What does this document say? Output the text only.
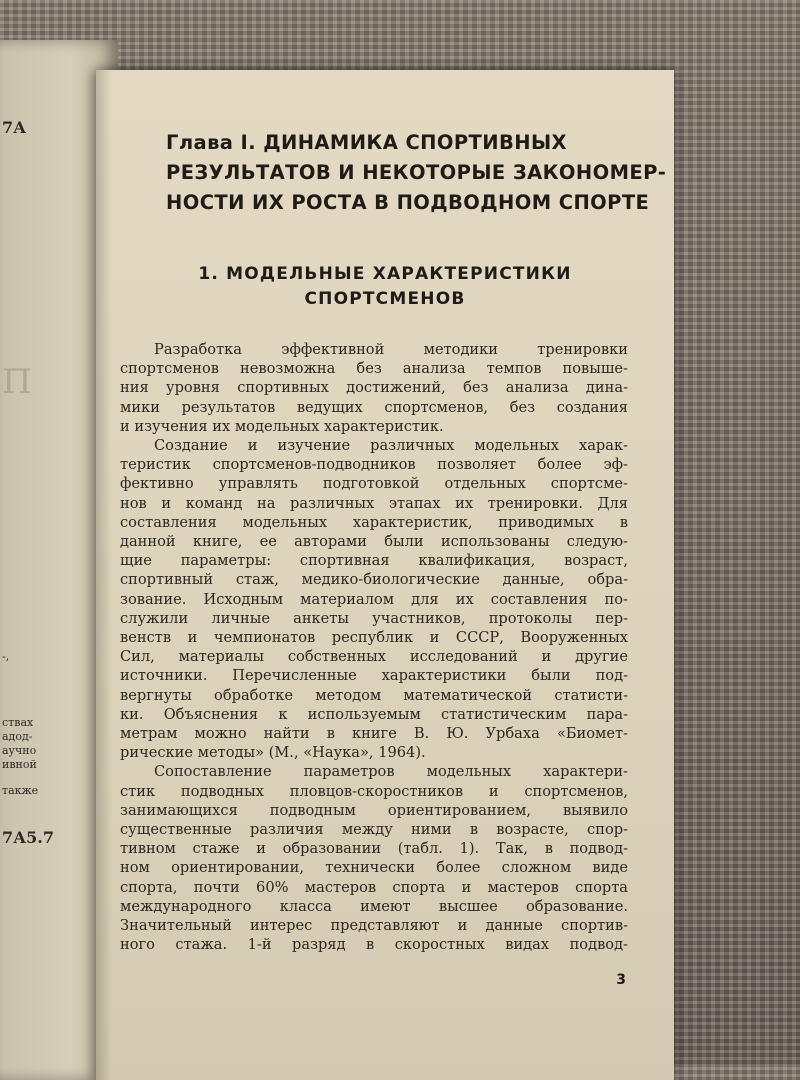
П
7А
-,
ствах
адод-
аучно
ивной
также
7А5.7
Глава I. ДИНАМИКА СПОРТИВНЫХ
РЕЗУЛЬТАТОВ И НЕКОТОРЫЕ ЗАКОНОМЕР-
НОСТИ ИХ РОСТА В ПОДВОДНОМ СПОРТЕ
1. МОДЕЛЬНЫЕ ХАРАКТЕРИСТИКИ
СПОРТСМЕНОВ
Разработка эффективной методики тренировки
спортсменов невозможна без анализа темпов повыше-
ния уровня спортивных достижений, без анализа дина-
мики результатов ведущих спортсменов, без создания
и изучения их модельных характеристик.
Создание и изучение различных модельных харак-
теристик спортсменов-подводников позволяет более эф-
фективно управлять подготовкой отдельных спортсме-
нов и команд на различных этапах их тренировки. Для
составления модельных характеристик, приводимых в
данной книге, ее авторами были использованы следую-
щие параметры: спортивная квалификация, возраст,
спортивный стаж, медико-биологические данные, обра-
зование. Исходным материалом для их составления по-
служили личные анкеты участников, протоколы пер-
венств и чемпионатов республик и СССР, Вооруженных
Сил, материалы собственных исследований и другие
источники. Перечисленные характеристики были под-
вергнуты обработке методом математической статисти-
ки. Объяснения к используемым статистическим пара-
метрам можно найти в книге В. Ю. Урбаха «Биомет-
рические методы» (М., «Наука», 1964).
Сопоставление параметров модельных характери-
стик подводных пловцов-скоростников и спортсменов,
занимающихся подводным ориентированием, выявило
существенные различия между ними в возрасте, спор-
тивном стаже и образовании (табл. 1). Так, в подвод-
ном ориентировании, технически более сложном виде
спорта, почти 60% мастеров спорта и мастеров спорта
международного класса имеют высшее образование.
Значительный интерес представляют и данные спортив-
ного стажа. 1-й разряд в скоростных видах подвод-
3
